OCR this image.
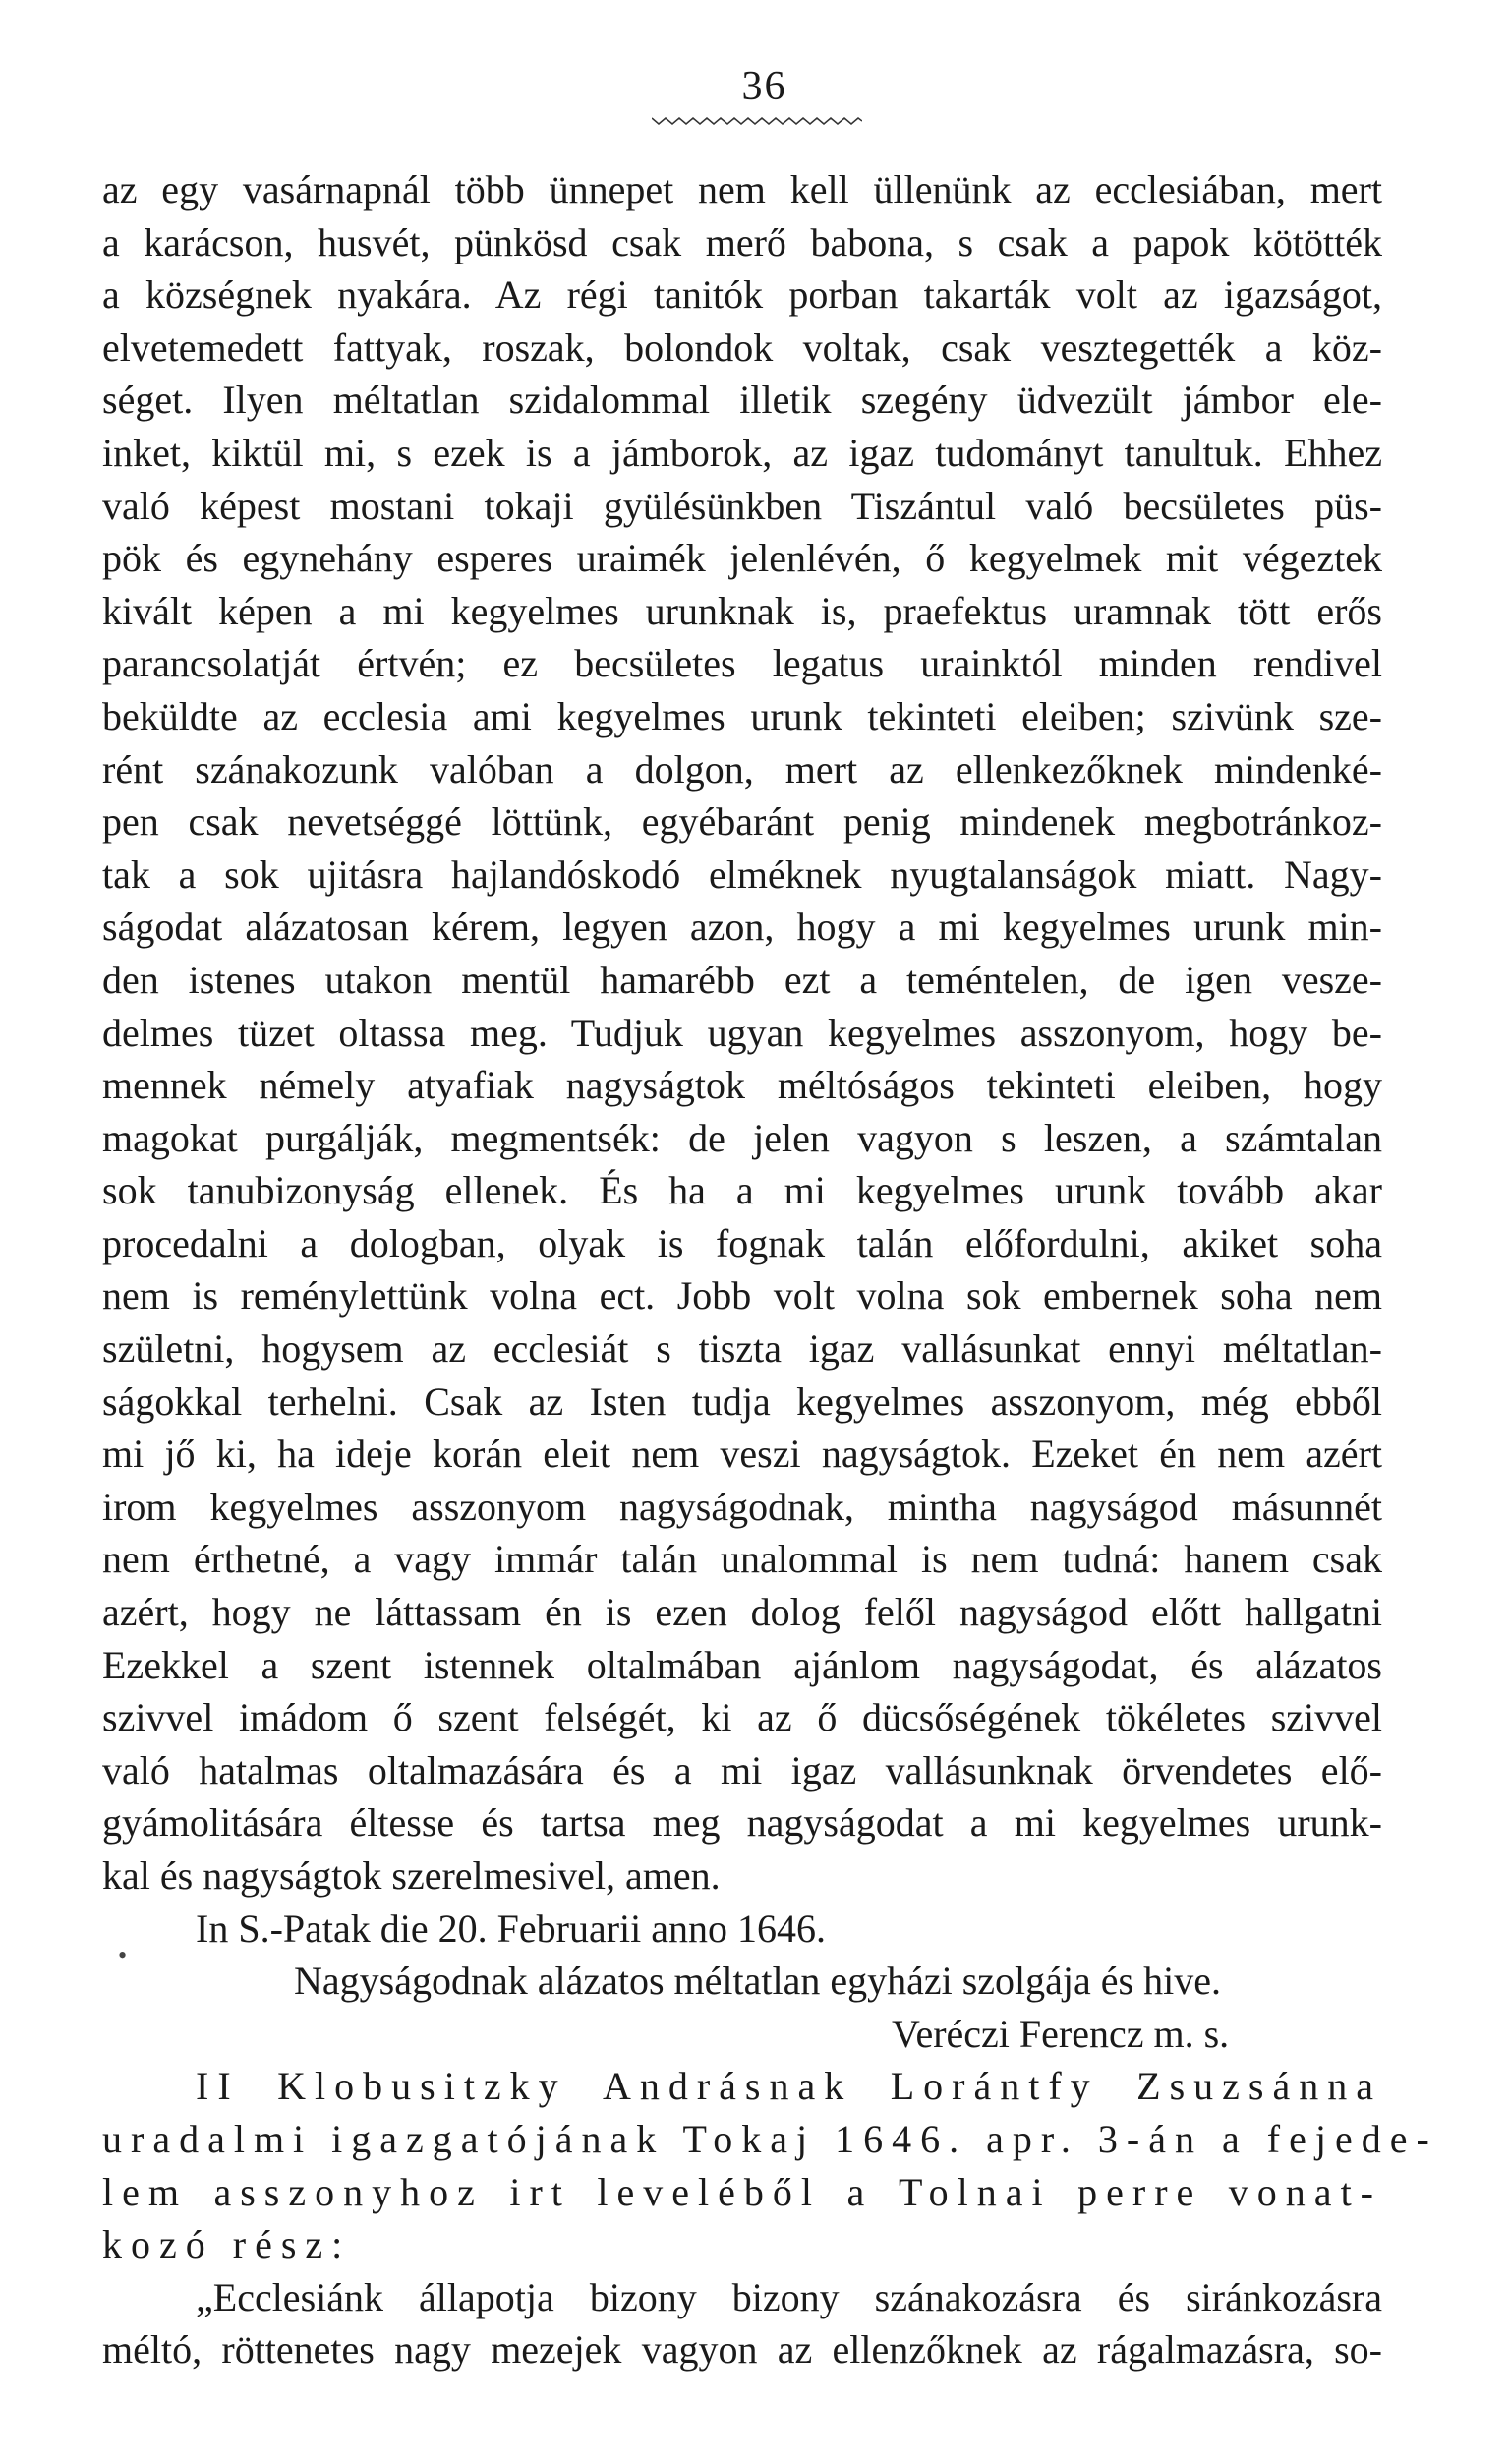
36
•
az egy vasárnapnál több ünnepet nem kell üllenünk az ecclesiában, mert
a karácson, husvét, pünkösd csak merő babona, s csak a papok kötötték
a községnek nyakára. Az régi tanitók porban takarták volt az igazságot,
elvetemedett fattyak, roszak, bolondok voltak, csak vesztegették a köz-
séget. Ilyen méltatlan szidalommal illetik szegény üdvezült jámbor ele-
inket, kiktül mi, s ezek is a jámborok, az igaz tudományt tanultuk. Ehhez
való képest mostani tokaji gyülésünkben Tiszántul való becsületes püs-
pök és egynehány esperes uraimék jelenlévén, ő kegyelmek mit végeztek
kivált képen a mi kegyelmes urunknak is, praefektus uramnak tött erős
parancsolatját értvén; ez becsületes legatus urainktól minden rendivel
beküldte az ecclesia ami kegyelmes urunk tekinteti eleiben; szivünk sze-
rént szánakozunk valóban a dolgon, mert az ellenkezőknek mindenké-
pen csak nevetséggé löttünk, egyébaránt penig mindenek megbotránkoz-
tak a sok ujitásra hajlandóskodó elméknek nyugtalanságok miatt. Nagy-
ságodat alázatosan kérem, legyen azon, hogy a mi kegyelmes urunk min-
den istenes utakon mentül hamarébb ezt a teméntelen, de igen vesze-
delmes tüzet oltassa meg. Tudjuk ugyan kegyelmes asszonyom, hogy be-
mennek némely atyafiak nagyságtok méltóságos tekinteti eleiben, hogy
magokat purgálják, megmentsék: de jelen vagyon s leszen, a számtalan
sok tanubizonyság ellenek. És ha a mi kegyelmes urunk tovább akar
procedalni a dologban, olyak is fognak talán előfordulni, akiket soha
nem is reménylettünk volna ect. Jobb volt volna sok embernek soha nem
születni, hogysem az ecclesiát s tiszta igaz vallásunkat ennyi méltatlan-
ságokkal terhelni. Csak az Isten tudja kegyelmes asszonyom, még ebből
mi jő ki, ha ideje korán eleit nem veszi nagyságtok. Ezeket én nem azért
irom kegyelmes asszonyom nagyságodnak, mintha nagyságod másunnét
nem érthetné, a vagy immár talán unalommal is nem tudná: hanem csak
azért, hogy ne láttassam én is ezen dolog felől nagyságod előtt hallgatni
Ezekkel a szent istennek oltalmában ajánlom nagyságodat, és alázatos
szivvel imádom ő szent felségét, ki az ő dücsőségének tökéletes szivvel
való hatalmas oltalmazására és a mi igaz vallásunknak örvendetes elő-
gyámolitására éltesse és tartsa meg nagyságodat a mi kegyelmes urunk-
kal és nagyságtok szerelmesivel, amen.
In S.-Patak die 20. Februarii anno 1646.
Nagyságodnak alázatos méltatlan egyházi szolgája és hive.
Veréczi Ferencz m. s.
II Klobusitzky Andrásnak Lorántfy Zsuzsánna
uradalmi igazgatójának Tokaj 1646. apr. 3-án a fejede-
lem asszonyhoz irt leveléből a Tolnai perre vonat-
kozó rész:
„Ecclesiánk állapotja bizony bizony szánakozásra és siránkozásra
méltó, röttenetes nagy mezejek vagyon az ellenzőknek az rágalmazásra, so-
